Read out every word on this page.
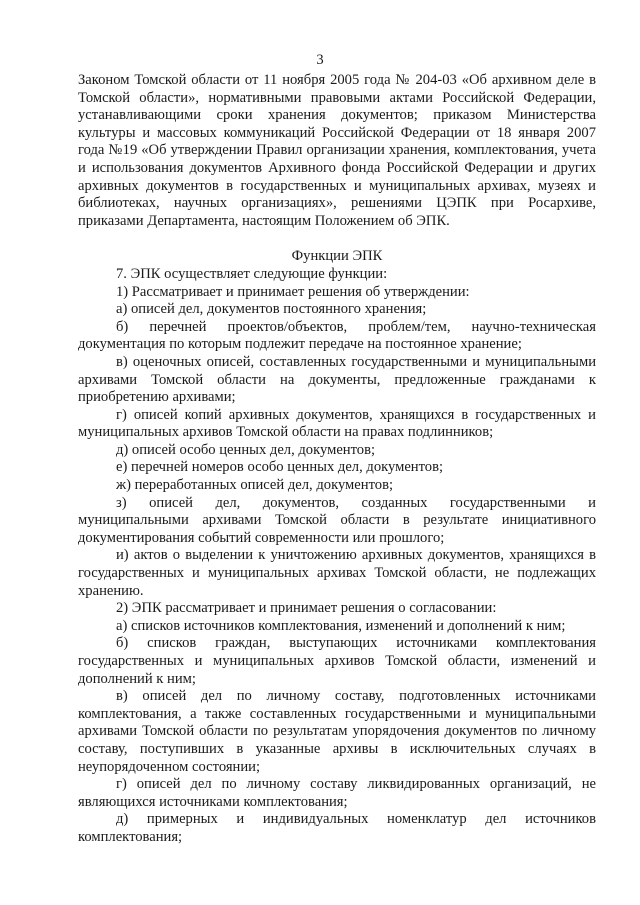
3

Законом Томской области от 11 ноября 2005 года № 204-03 «Об архивном деле в Томской области», нормативными правовыми актами Российской Федерации, устанавливающими сроки хранения документов; приказом Министерства культуры и массовых коммуникаций Российской Федерации от 18 января 2007 года №19 «Об утверждении Правил организации хранения, комплектования, учета и использования документов Архивного фонда Российской Федерации и других архивных документов в государственных и муниципальных архивах, музеях и библиотеках, научных организациях», решениями ЦЭПК при Росархиве, приказами Департамента, настоящим Положением об ЭПК.

Функции ЭПК

7. ЭПК осуществляет следующие функции:

1) Рассматривает и принимает решения об утверждении:

а) описей дел, документов постоянного хранения;

б) перечней проектов/объектов, проблем/тем, научно-техническая документация по которым подлежит передаче на постоянное хранение;

в) оценочных описей, составленных государственными и муниципальными архивами Томской области на документы, предложенные гражданами к приобретению архивами;

г) описей копий архивных документов, хранящихся в государственных и муниципальных архивов Томской области на правах подлинников;

д) описей особо ценных дел, документов;

е) перечней номеров особо ценных дел, документов;

ж) переработанных описей дел, документов;

з) описей дел, документов, созданных государственными и муниципальными архивами Томской области в результате инициативного документирования событий современности или прошлого;

и) актов о выделении к уничтожению архивных документов, хранящихся в государственных и муниципальных архивах Томской области, не подлежащих хранению.

2) ЭПК рассматривает и принимает решения о согласовании:

а) списков источников комплектования, изменений и дополнений к ним;

б) списков граждан, выступающих источниками комплектования государственных и муниципальных архивов Томской области, изменений и дополнений к ним;

в) описей дел по личному составу, подготовленных источниками комплектования, а также составленных государственными и муниципальными архивами Томской области по результатам упорядочения документов по личному составу, поступивших в указанные архивы в исключительных случаях в неупорядоченном состоянии;

г) описей дел по личному составу ликвидированных организаций, не являющихся источниками комплектования;

д) примерных и индивидуальных номенклатур дел источников комплектования;
